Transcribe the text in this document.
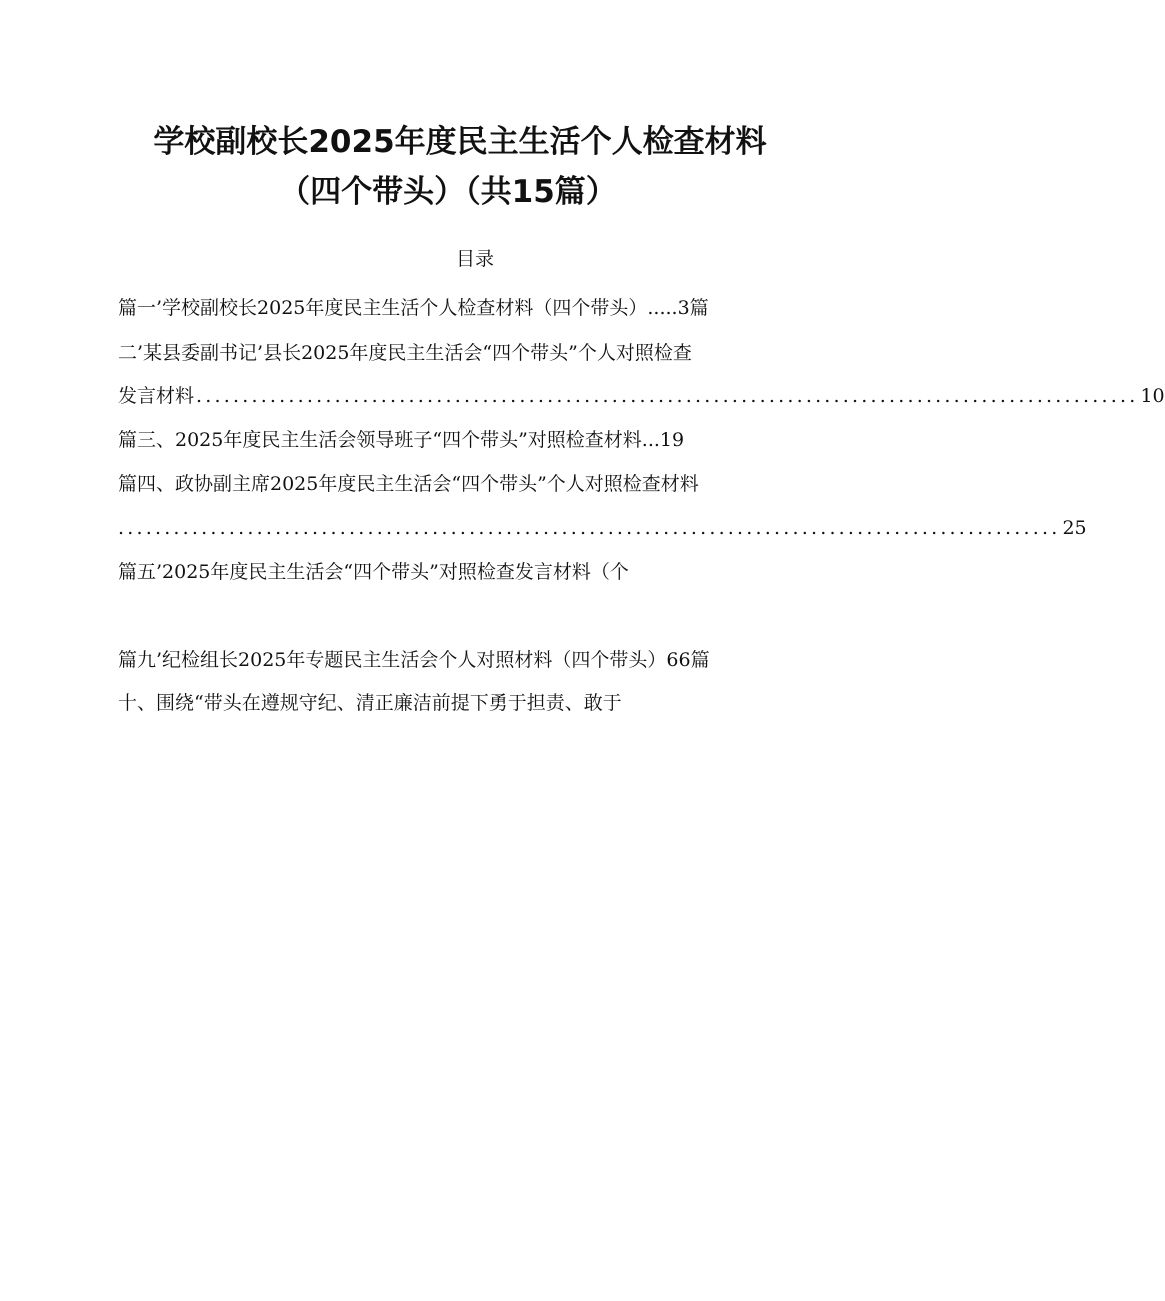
学校副校长2025年度民主生活个人检查材料
（四个带头）（共15篇）
目录
篇一’学校副校长2025年度民主生活个人检查材料（四个带头）.....3篇
二’某县委副书记’县长2025年度民主生活会“四个带头”个人对照检查
发言材料 ...................................................................................................... 10
篇三、2025年度民主生活会领导班子“四个带头”对照检查材料...19
篇四、政协副主席2025年度民主生活会“四个带头”个人对照检查材料
...................................................................................................... 25
篇五’2025年度民主生活会“四个带头”对照检查发言材料（个
篇九’纪检组长2025年专题民主生活会个人对照材料（四个带头）66篇
十、围绕“带头在遵规守纪、清正廉洁前提下勇于担责、敢于
